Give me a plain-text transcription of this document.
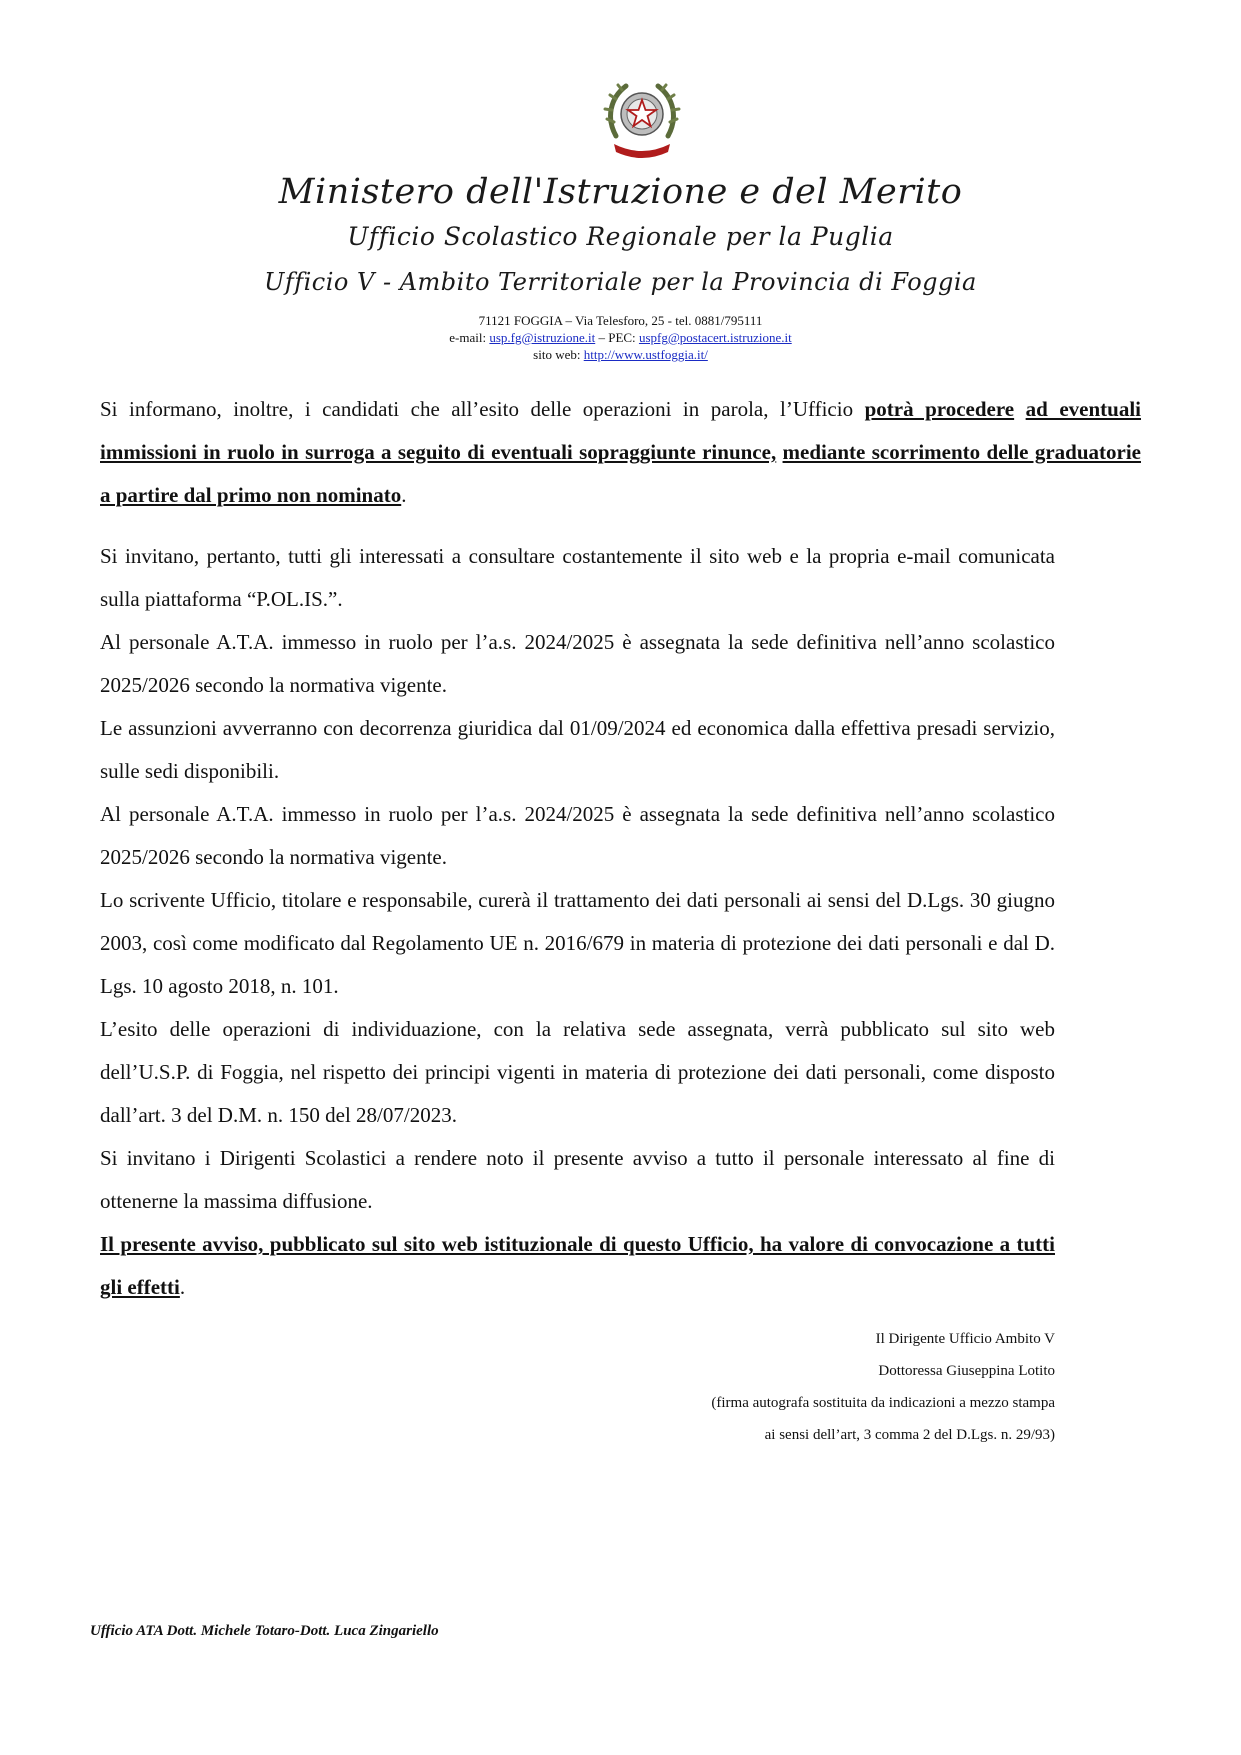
Ministero dell'Istruzione e del Merito
Ufficio Scolastico Regionale per la Puglia
Ufficio V - Ambito Territoriale per la Provincia di Foggia
71121 FOGGIA – Via Telesforo, 25 - tel. 0881/795111
e-mail: usp.fg@istruzione.it – PEC: uspfg@postacert.istruzione.it
sito web: http://www.ustfoggia.it/

Si informano, inoltre, i candidati che all’esito delle operazioni in parola, l’Ufficio potrà procedere ad eventuali immissioni in ruolo in surroga a seguito di eventuali sopraggiunte rinunce, mediante scorrimento delle graduatorie a partire dal primo non nominato.

Si invitano, pertanto, tutti gli interessati a consultare costantemente il sito web e la propria e-mail comunicata sulla piattaforma “P.OL.IS.”.

Al personale A.T.A. immesso in ruolo per l’a.s. 2024/2025 è assegnata la sede definitiva nell’anno scolastico 2025/2026 secondo la normativa vigente.

Le assunzioni avverranno con decorrenza giuridica dal 01/09/2024 ed economica dalla effettiva presadi servizio, sulle sedi disponibili.

Al personale A.T.A. immesso in ruolo per l’a.s. 2024/2025 è assegnata la sede definitiva nell’anno scolastico 2025/2026 secondo la normativa vigente.

Lo scrivente Ufficio, titolare e responsabile, curerà il trattamento dei dati personali ai sensi del D.Lgs. 30 giugno 2003, così come modificato dal Regolamento UE n. 2016/679 in materia di protezione dei dati personali e dal D. Lgs. 10 agosto 2018, n. 101.

L’esito delle operazioni di individuazione, con la relativa sede assegnata, verrà pubblicato sul sito web dell’U.S.P. di Foggia, nel rispetto dei principi vigenti in materia di protezione dei dati personali, come disposto dall’art. 3 del D.M. n. 150 del 28/07/2023.

Si invitano i Dirigenti Scolastici a rendere noto il presente avviso a tutto il personale interessato al fine di ottenerne la massima diffusione.

Il presente avviso, pubblicato sul sito web istituzionale di questo Ufficio, ha valore di convocazione a tutti gli effetti.

Il Dirigente Ufficio Ambito V
Dottoressa Giuseppina Lotito
(firma autografa sostituita da indicazioni a mezzo stampa
ai sensi dell’art, 3 comma 2 del D.Lgs. n. 29/93)
Ufficio ATA Dott. Michele Totaro-Dott. Luca Zingariello
